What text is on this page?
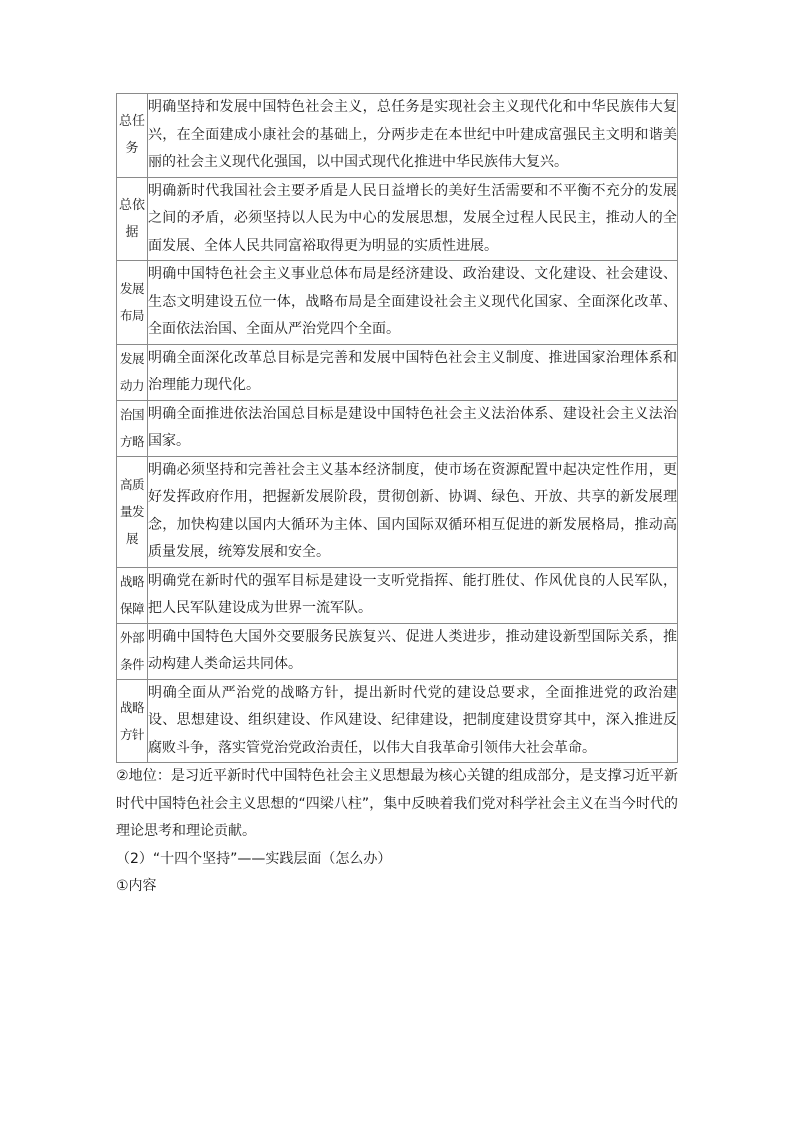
总任务	明确坚持和发展中国特色社会主义，总任务是实现社会主义现代化和中华民族伟大复兴，在全面建成小康社会的基础上，分两步走在本世纪中叶建成富强民主文明和谐美丽的社会主义现代化强国，以中国式现代化推进中华民族伟大复兴。
总依据	明确新时代我国社会主要矛盾是人民日益增长的美好生活需要和不平衡不充分的发展之间的矛盾，必须坚持以人民为中心的发展思想，发展全过程人民民主，推动人的全面发展、全体人民共同富裕取得更为明显的实质性进展。
发展布局	明确中国特色社会主义事业总体布局是经济建设、政治建设、文化建设、社会建设、生态文明建设五位一体，战略布局是全面建设社会主义现代化国家、全面深化改革、全面依法治国、全面从严治党四个全面。
发展动力	明确全面深化改革总目标是完善和发展中国特色社会主义制度、推进国家治理体系和治理能力现代化。
治国方略	明确全面推进依法治国总目标是建设中国特色社会主义法治体系、建设社会主义法治国家。
高质量发展	明确必须坚持和完善社会主义基本经济制度，使市场在资源配置中起决定性作用，更好发挥政府作用，把握新发展阶段，贯彻创新、协调、绿色、开放、共享的新发展理念，加快构建以国内大循环为主体、国内国际双循环相互促进的新发展格局，推动高质量发展，统筹发展和安全。
战略保障	明确党在新时代的强军目标是建设一支听党指挥、能打胜仗、作风优良的人民军队，把人民军队建设成为世界一流军队。
外部条件	明确中国特色大国外交要服务民族复兴、促进人类进步，推动建设新型国际关系，推动构建人类命运共同体。
战略方针	明确全面从严治党的战略方针，提出新时代党的建设总要求，全面推进党的政治建设、思想建设、组织建设、作风建设、纪律建设，把制度建设贯穿其中，深入推进反腐败斗争，落实管党治党政治责任，以伟大自我革命引领伟大社会革命。
②地位：是习近平新时代中国特色社会主义思想最为核心关键的组成部分，是支撑习近平新时代中国特色社会主义思想的“四梁八柱”，集中反映着我们党对科学社会主义在当今时代的理论思考和理论贡献。
（2）“十四个坚持”——实践层面（怎么办）
①内容
